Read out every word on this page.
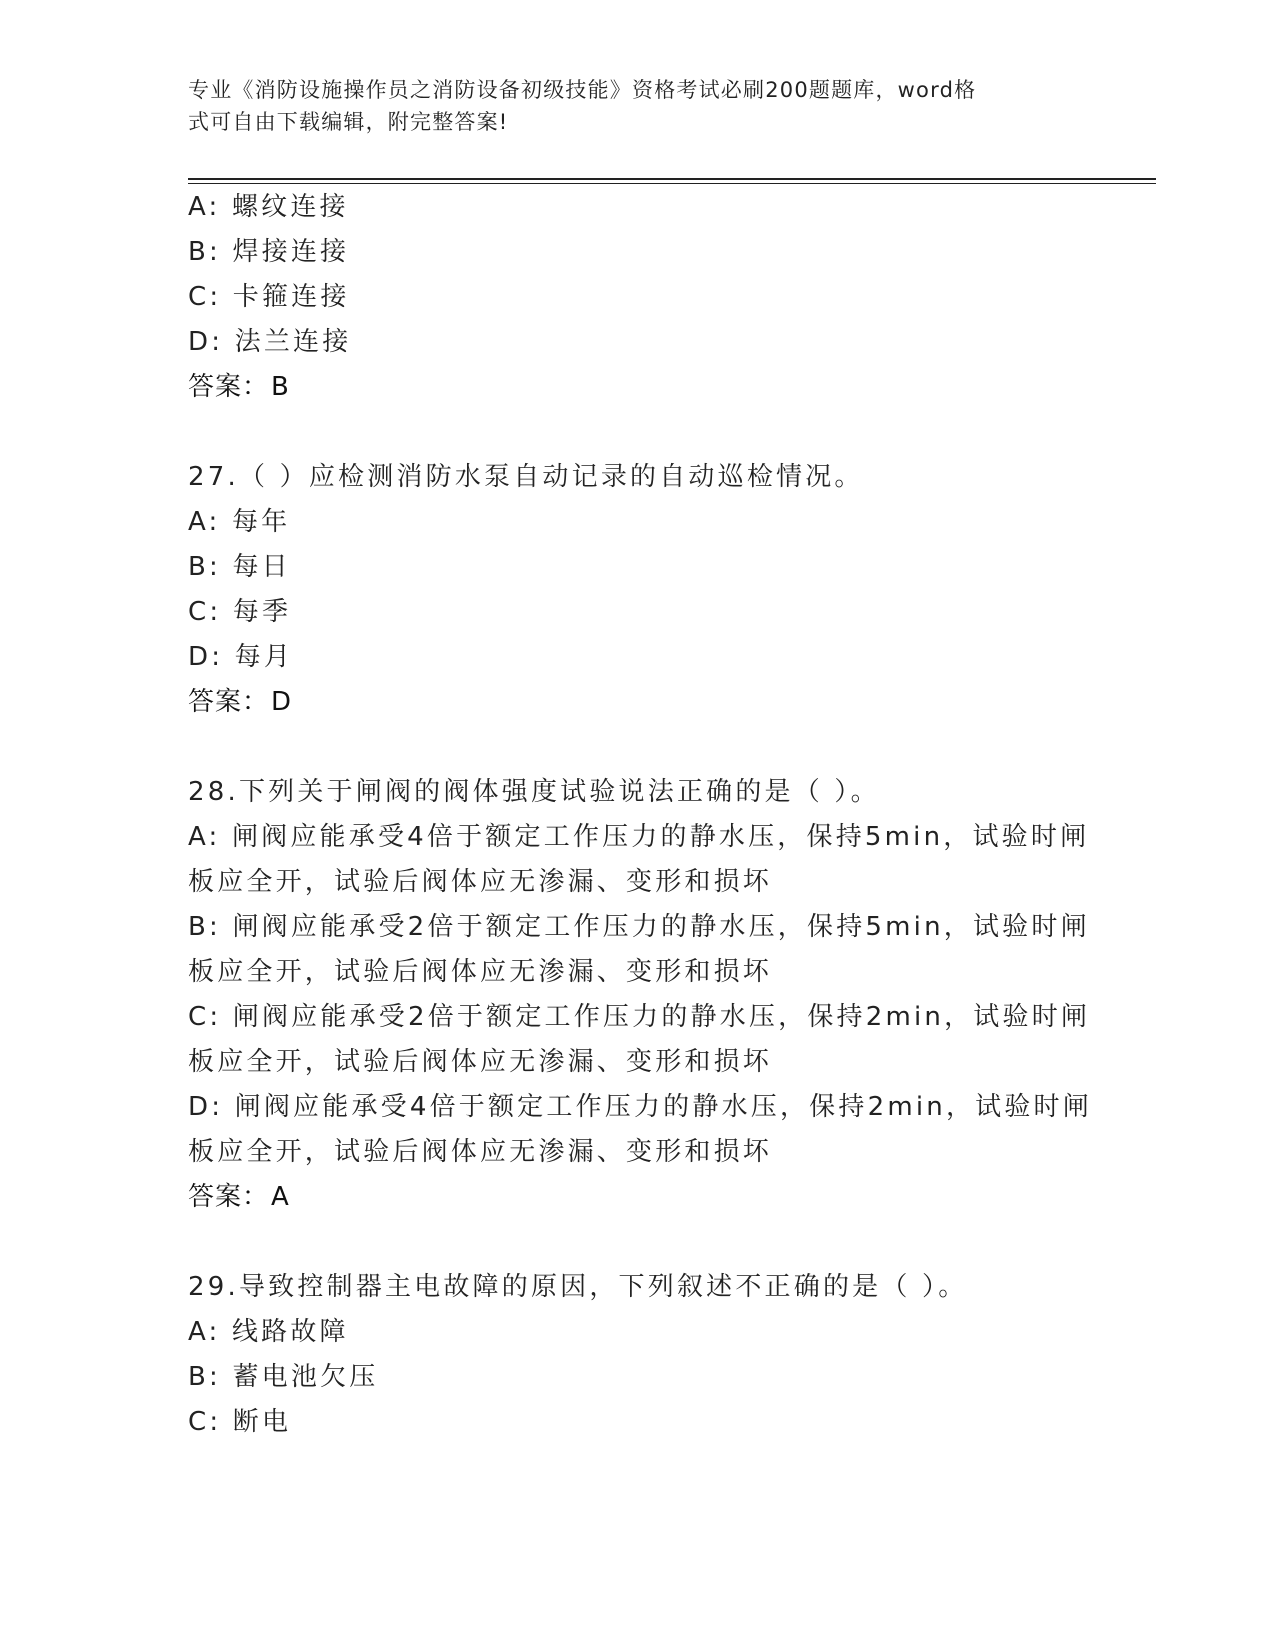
专业《消防设施操作员之消防设备初级技能》资格考试必刷200题题库，word格
式可自由下载编辑，附完整答案!
A: 螺纹连接
B: 焊接连接
C: 卡箍连接
D: 法兰连接
答案：B
27.（ ）应检测消防水泵自动记录的自动巡检情况。
A: 每年
B: 每日
C: 每季
D: 每月
答案：D
28.下列关于闸阀的阀体强度试验说法正确的是（ ）。
A: 闸阀应能承受4倍于额定工作压力的静水压，保持5min，试验时闸
板应全开，试验后阀体应无渗漏、变形和损坏
B: 闸阀应能承受2倍于额定工作压力的静水压，保持5min，试验时闸
板应全开，试验后阀体应无渗漏、变形和损坏
C: 闸阀应能承受2倍于额定工作压力的静水压，保持2min，试验时闸
板应全开，试验后阀体应无渗漏、变形和损坏
D: 闸阀应能承受4倍于额定工作压力的静水压，保持2min，试验时闸
板应全开，试验后阀体应无渗漏、变形和损坏
答案：A
29.导致控制器主电故障的原因，下列叙述不正确的是（ ）。
A: 线路故障
B: 蓄电池欠压
C: 断电
